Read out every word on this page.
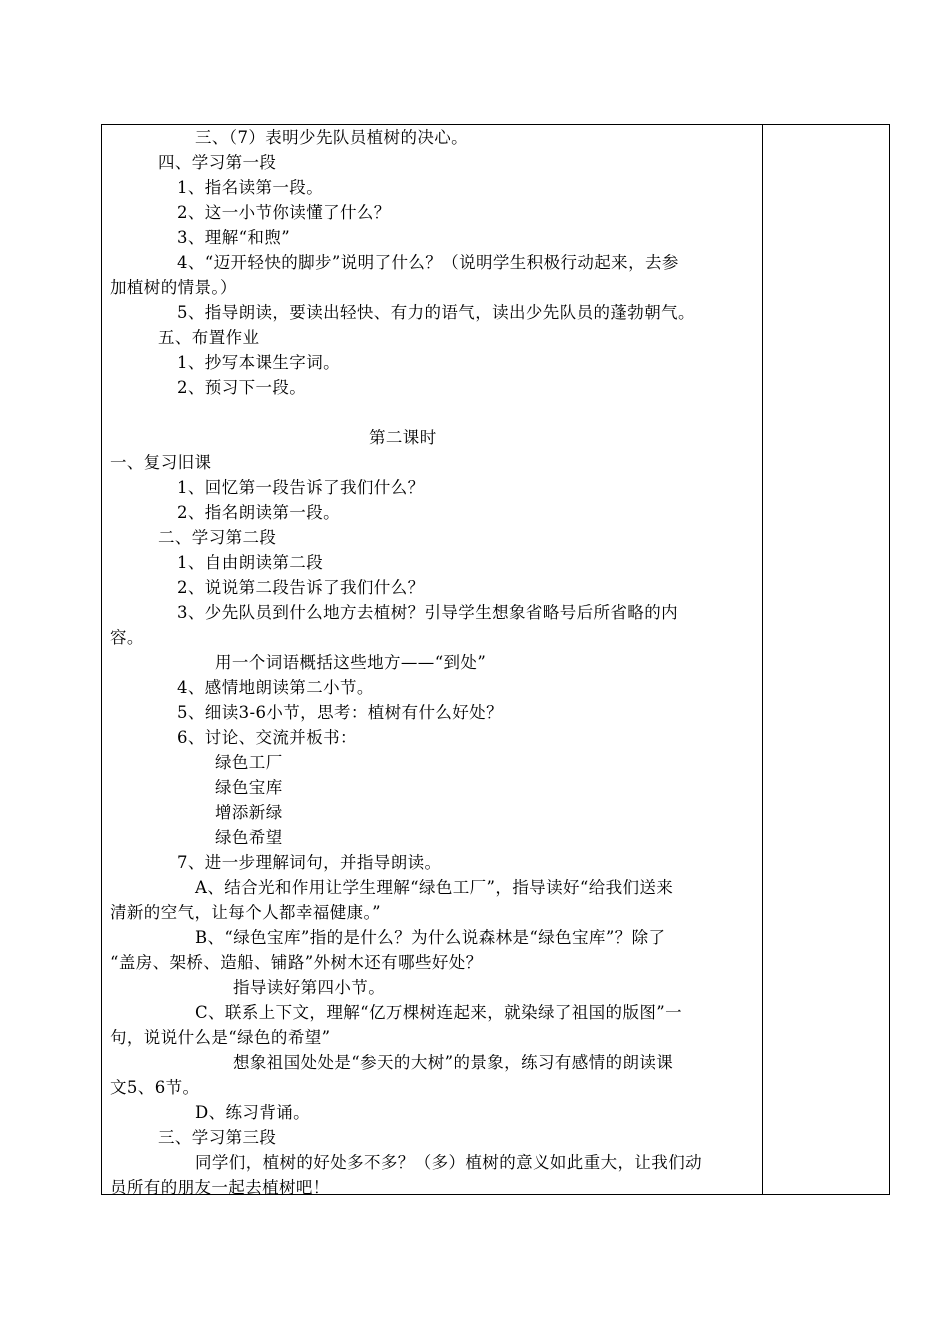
三、（7）表明少先队员植树的决心。
四、学习第一段
1、指名读第一段。
2、这一小节你读懂了什么？
3、理解“和煦”
4、“迈开轻快的脚步”说明了什么？（说明学生积极行动起来，去参
加植树的情景。）
5、指导朗读，要读出轻快、有力的语气，读出少先队员的蓬勃朝气。
五、布置作业
1、抄写本课生字词。
2、预习下一段。
第二课时
一、复习旧课
1、回忆第一段告诉了我们什么？
2、指名朗读第一段。
二、学习第二段
1、自由朗读第二段
2、说说第二段告诉了我们什么？
3、少先队员到什么地方去植树？引导学生想象省略号后所省略的内
容。
用一个词语概括这些地方——“到处”
4、感情地朗读第二小节。
5、细读3-6小节，思考：植树有什么好处？
6、讨论、交流并板书：
绿色工厂
绿色宝库
增添新绿
绿色希望
7、进一步理解词句，并指导朗读。
A、结合光和作用让学生理解“绿色工厂”，指导读好“给我们送来
清新的空气，让每个人都幸福健康。”
B、“绿色宝库”指的是什么？为什么说森林是“绿色宝库”？除了
“盖房、架桥、造船、铺路”外树木还有哪些好处？
指导读好第四小节。
C、联系上下文，理解“亿万棵树连起来，就染绿了祖国的版图”一
句，说说什么是“绿色的希望”
想象祖国处处是“参天的大树”的景象，练习有感情的朗读课
文5、6节。
D、练习背诵。
三、学习第三段
同学们，植树的好处多不多？（多）植树的意义如此重大，让我们动
员所有的朋友一起去植树吧！
